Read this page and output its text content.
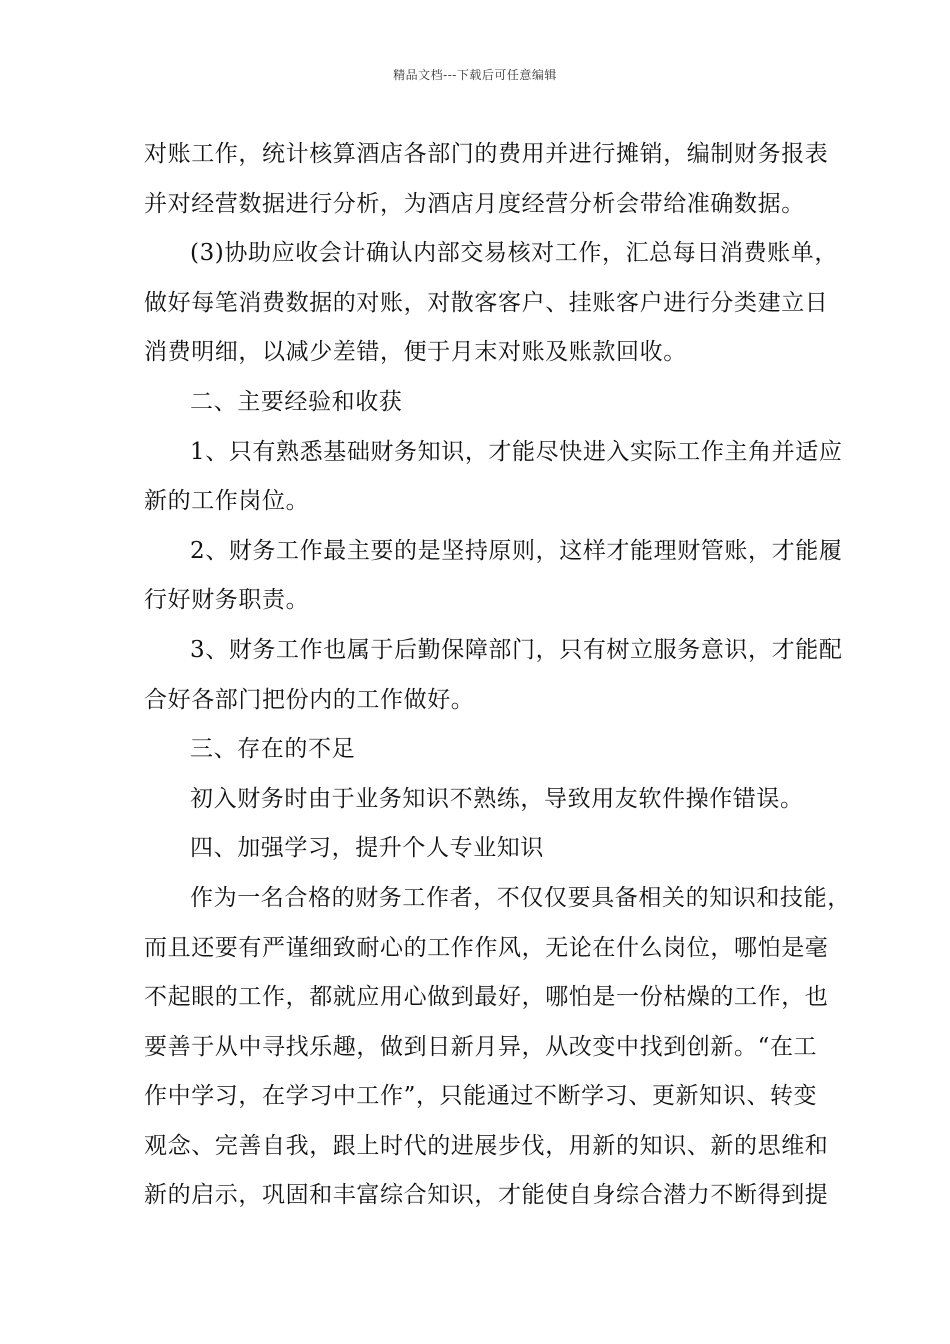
精品文档---下载后可任意编辑
对账工作，统计核算酒店各部门的费用并进行摊销，编制财务报表
并对经营数据进行分析，为酒店月度经营分析会带给准确数据。
(3)协助应收会计确认内部交易核对工作，汇总每日消费账单，
做好每笔消费数据的对账，对散客客户、挂账客户进行分类建立日
消费明细，以减少差错，便于月末对账及账款回收。
二、主要经验和收获
1、只有熟悉基础财务知识，才能尽快进入实际工作主角并适应
新的工作岗位。
2、财务工作最主要的是坚持原则，这样才能理财管账，才能履
行好财务职责。
3、财务工作也属于后勤保障部门，只有树立服务意识，才能配
合好各部门把份内的工作做好。
三、存在的不足
初入财务时由于业务知识不熟练，导致用友软件操作错误。
四、加强学习，提升个人专业知识
作为一名合格的财务工作者，不仅仅要具备相关的知识和技能，
而且还要有严谨细致耐心的工作作风，无论在什么岗位，哪怕是毫
不起眼的工作，都就应用心做到最好，哪怕是一份枯燥的工作，也
要善于从中寻找乐趣，做到日新月异，从改变中找到创新。“在工
作中学习，在学习中工作”，只能通过不断学习、更新知识、转变
观念、完善自我，跟上时代的进展步伐，用新的知识、新的思维和
新的启示，巩固和丰富综合知识，才能使自身综合潜力不断得到提
